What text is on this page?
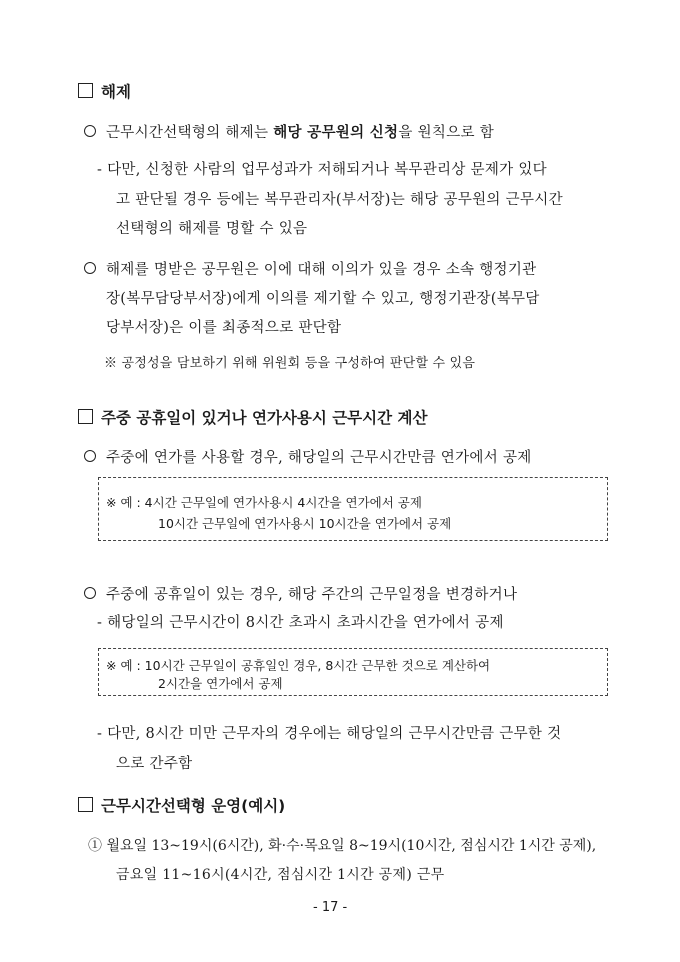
해제
근무시간선택형의 해제는 해당 공무원의 신청을 원칙으로 함
- 다만, 신청한 사람의 업무성과가 저해되거나 복무관리상 문제가 있다
고 판단될 경우 등에는 복무관리자(부서장)는 해당 공무원의 근무시간
선택형의 해제를 명할 수 있음
해제를 명받은 공무원은 이에 대해 이의가 있을 경우 소속 행정기관
장(복무담당부서장)에게 이의를 제기할 수 있고, 행정기관장(복무담
당부서장)은 이를 최종적으로 판단함
※ 공정성을 담보하기 위해 위원회 등을 구성하여 판단할 수 있음
주중 공휴일이 있거나 연가사용시 근무시간 계산
주중에 연가를 사용할 경우, 해당일의 근무시간만큼 연가에서 공제
※ 예 : 4시간 근무일에 연가사용시 4시간을 연가에서 공제
10시간 근무일에 연가사용시 10시간을 연가에서 공제
주중에 공휴일이 있는 경우, 해당 주간의 근무일정을 변경하거나
- 해당일의 근무시간이 8시간 초과시 초과시간을 연가에서 공제
※ 예 : 10시간 근무일이 공휴일인 경우, 8시간 근무한 것으로 계산하여
2시간을 연가에서 공제
- 다만, 8시간 미만 근무자의 경우에는 해당일의 근무시간만큼 근무한 것
으로 간주함
근무시간선택형 운영(예시)
① 월요일 13~19시(6시간), 화·수·목요일 8~19시(10시간, 점심시간 1시간 공제),
금요일 11~16시(4시간, 점심시간 1시간 공제) 근무
- 17 -
